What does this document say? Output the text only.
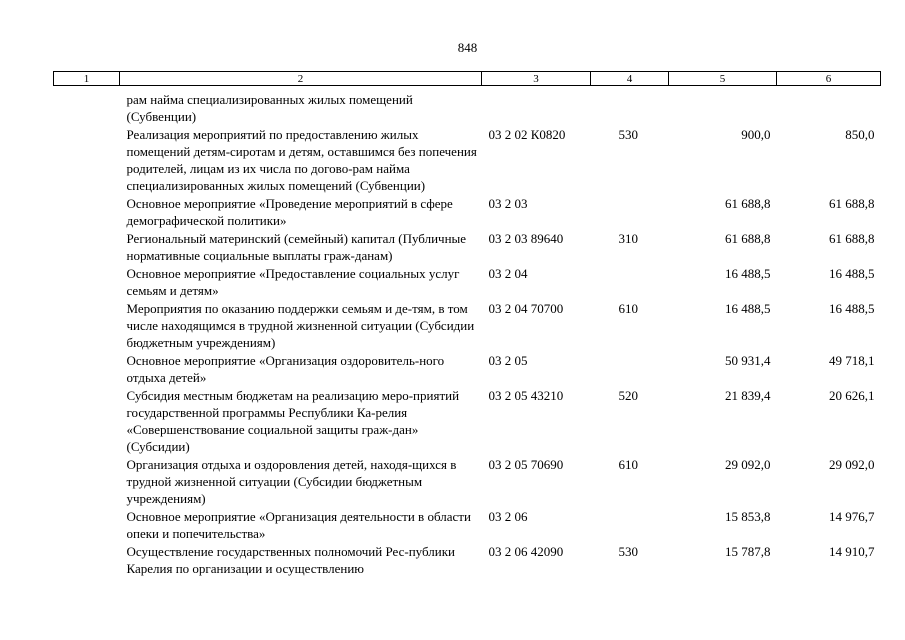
848
1	2	3	4	5	6
	рам найма специализированных жилых помещений (Субвенции)				
	Реализация мероприятий по предоставлению жилых помещений детям-сиротам и детям, оставшимся без попечения родителей, лицам из их числа по догово-рам найма специализированных жилых помещений (Субвенции)	03 2 02 К0820	530	900,0	850,0
	Основное мероприятие «Проведение мероприятий в сфере демографической политики»	03 2 03		61 688,8	61 688,8
	Региональный материнский (семейный) капитал (Публичные нормативные социальные выплаты граж-данам)	03 2 03 89640	310	61 688,8	61 688,8
	Основное мероприятие «Предоставление социальных услуг семьям и детям»	03 2 04		16 488,5	16 488,5
	Мероприятия по оказанию поддержки семьям и де-тям, в том числе находящимся в трудной жизненной ситуации (Субсидии бюджетным учреждениям)	03 2 04 70700	610	16 488,5	16 488,5
	Основное мероприятие «Организация оздоровитель-ного отдыха детей»	03 2 05		50 931,4	49 718,1
	Субсидия местным бюджетам на реализацию меро-приятий государственной программы Республики Ка-релия «Совершенствование социальной защиты граж-дан» (Субсидии)	03 2 05 43210	520	21 839,4	20 626,1
	Организация отдыха и оздоровления детей, находя-щихся в трудной жизненной ситуации (Субсидии бюджетным учреждениям)	03 2 05 70690	610	29 092,0	29 092,0
	Основное мероприятие «Организация деятельности в области опеки и попечительства»	03 2 06		15 853,8	14 976,7
	Осуществление государственных полномочий Рес-публики Карелия по организации и осуществлению	03 2 06 42090	530	15 787,8	14 910,7
